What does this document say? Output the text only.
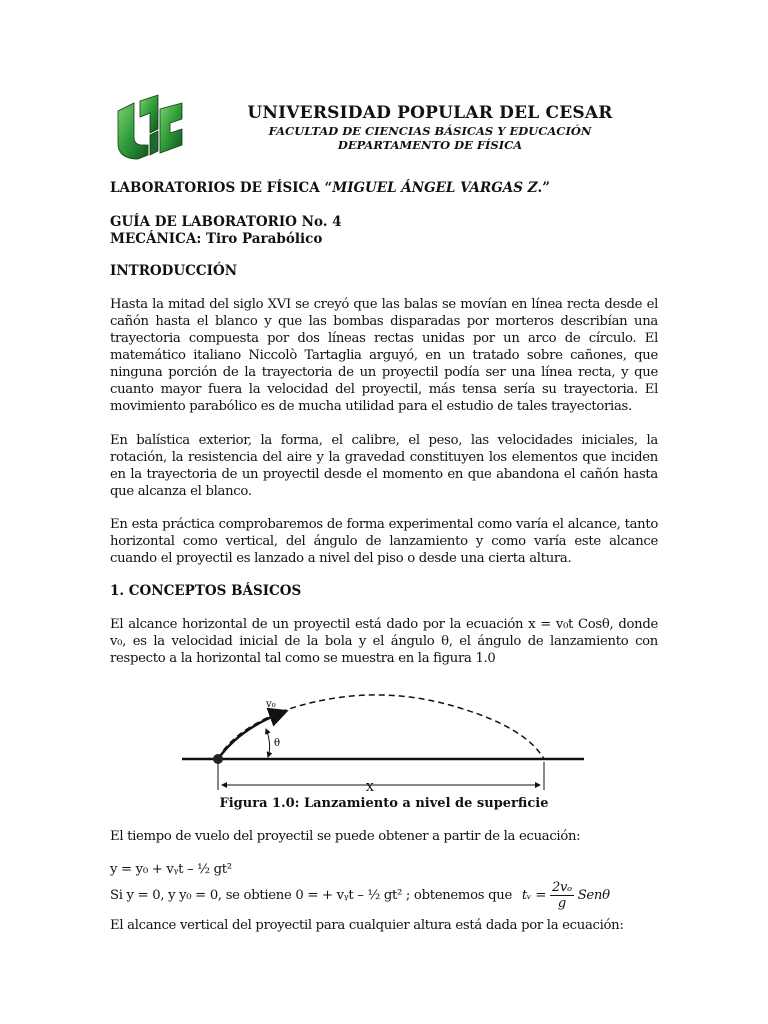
UNIVERSIDAD POPULAR DEL CESAR
FACULTAD DE CIENCIAS BÁSICAS Y EDUCACIÓN
DEPARTAMENTO DE FÍSICA
LABORATORIOS DE FÍSICA “MIGUEL ÁNGEL VARGAS Z.”
GUÍA DE LABORATORIO No. 4
MECÁNICA: Tiro Parabólico
INTRODUCCIÓN
Hasta la mitad del siglo XVI se creyó que las balas se movían en línea recta desde el cañón hasta el blanco y que las bombas disparadas por morteros describían una trayectoria compuesta por dos líneas rectas unidas por un arco de círculo. El matemático italiano Niccolò Tartaglia arguyó, en un tratado sobre cañones, que ninguna porción de la trayectoria de un proyectil podía ser una línea recta, y que cuanto mayor fuera la velocidad del proyectil, más tensa sería su trayectoria. El movimiento parabólico es de mucha utilidad para el estudio de tales trayectorias.
En balística exterior, la forma, el calibre, el peso, las velocidades iniciales, la rotación, la resistencia del aire y la gravedad constituyen los elementos que inciden en la trayectoria de un proyectil desde el momento en que abandona el cañón hasta que alcanza el blanco.
En esta práctica comprobaremos de forma experimental como varía el alcance, tanto horizontal como vertical, del ángulo de lanzamiento y como varía este alcance cuando el proyectil es lanzado a nivel del piso o desde una cierta altura.
1. CONCEPTOS BÁSICOS
El alcance horizontal de un proyectil está dado por la ecuación x = v₀t Cosθ, donde v₀, es la velocidad inicial de la bola y el ángulo θ, el ángulo de lanzamiento con respecto a la horizontal tal como se muestra en la figura 1.0
v₀
θ
X
Figura 1.0: Lanzamiento a nivel de superficie
El tiempo de vuelo del proyectil se puede obtener a partir de la ecuación:
y = y₀ + vᵧt – ½ gt²
Si y = 0, y y₀ = 0, se obtiene 0 = + vᵧt – ½ gt² ; obtenemos que tᵥ = $\frac{\text{2vₒ}}{g}$ Senθ
El alcance vertical del proyectil para cualquier altura está dada por la ecuación:
